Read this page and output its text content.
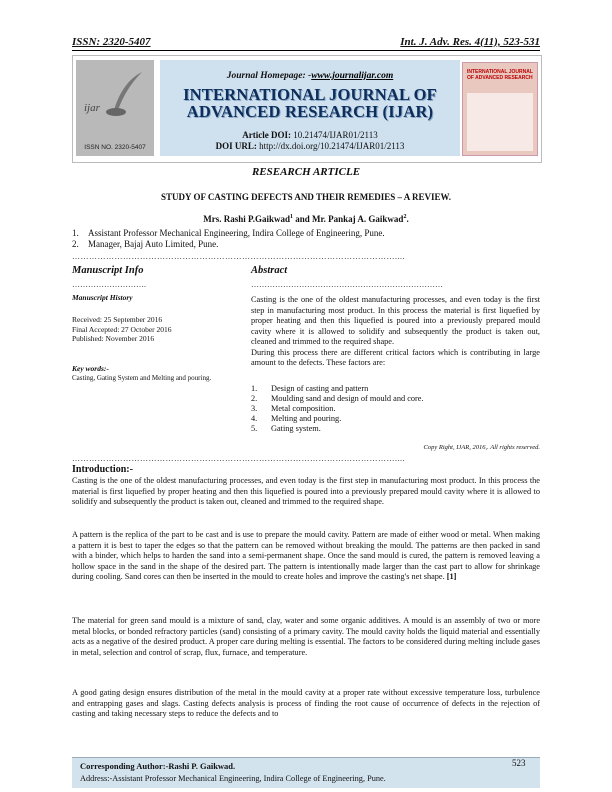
ISSN: 2320-5407	Int. J. Adv. Res. 4(11), 523-531
ijar
ISSN NO. 2320-5407
INTERNATIONAL JOURNAL OF ADVANCED RESEARCH
Journal Homepage: -www.journalijar.com
INTERNATIONAL JOURNAL OF
ADVANCED RESEARCH (IJAR)
Article DOI: 10.21474/IJAR01/2113
DOI URL: http://dx.doi.org/10.21474/IJAR01/2113
RESEARCH ARTICLE
STUDY OF CASTING DEFECTS AND THEIR REMEDIES – A REVIEW.
Mrs. Rashi P.Gaikwad$^1$ and Mr. Pankaj A. Gaikwad$^2$.
1. Assistant Professor Mechanical Engineering, Indira College of Engineering, Pune.
2. Manager, Bajaj Auto Limited, Pune.
……………………………………………………………………………………………………....
Manuscript Info
……………………….
Manuscript History
Received: 25 September 2016
Final Accepted: 27 October 2016
Published: November 2016
Key words:-
Casting, Gating System and Melting and pouring.
Abstract
………………………………………………………………
Casting is the one of the oldest manufacturing processes, and even today is the first step in manufacturing most product. In this process the material is first liquefied by proper heating and then this liquefied is poured into a previously prepared mould cavity where it is allowed to solidify and subsequently the product is taken out, cleaned and trimmed to the required shape.
During this process there are different critical factors which is contributing in large amount to the defects. These factors are:
1. Design of casting and pattern
2. Moulding sand and design of mould and core.
3. Metal composition.
4. Melting and pouring.
5. Gating system.
Copy Right, IJAR, 2016,. All rights reserved.
……………………………………………………………………………………………………....
Introduction:-
Casting is the one of the oldest manufacturing processes, and even today is the first step in manufacturing most product. In this process the material is first liquefied by proper heating and then this liquefied is poured into a previously prepared mould cavity where it is allowed to solidify and subsequently the product is taken out, cleaned and trimmed to the required shape.
A pattern is the replica of the part to be cast and is use to prepare the mould cavity. Pattern are made of either wood or metal. When making a pattern it is best to taper the edges so that the pattern can be removed without breaking the mould. The patterns are then packed in sand with a binder, which helps to harden the sand into a semi-permanent shape. Once the sand mould is cured, the pattern is removed leaving a hollow space in the sand in the shape of the desired part. The pattern is intentionally made larger than the cast part to allow for shrinkage during cooling. Sand cores can then be inserted in the mould to create holes and improve the casting's net shape. [1]
The material for green sand mould is a mixture of sand, clay, water and some organic additives. A mould is an assembly of two or more metal blocks, or bonded refractory particles (sand) consisting of a primary cavity. The mould cavity holds the liquid material and essentially acts as a negative of the desired product. A proper care during melting is essential. The factors to be considered during melting include gases in metal, selection and control of scrap, flux, furnace, and temperature.
A good gating design ensures distribution of the metal in the mould cavity at a proper rate without excessive temperature loss, turbulence and entrapping gases and slags. Casting defects analysis is process of finding the root cause of occurrence of defects in the rejection of casting and taking necessary steps to reduce the defects and to
Corresponding Author:-Rashi P. Gaikwad.
Address:-Assistant Professor Mechanical Engineering, Indira College of Engineering, Pune.
523
